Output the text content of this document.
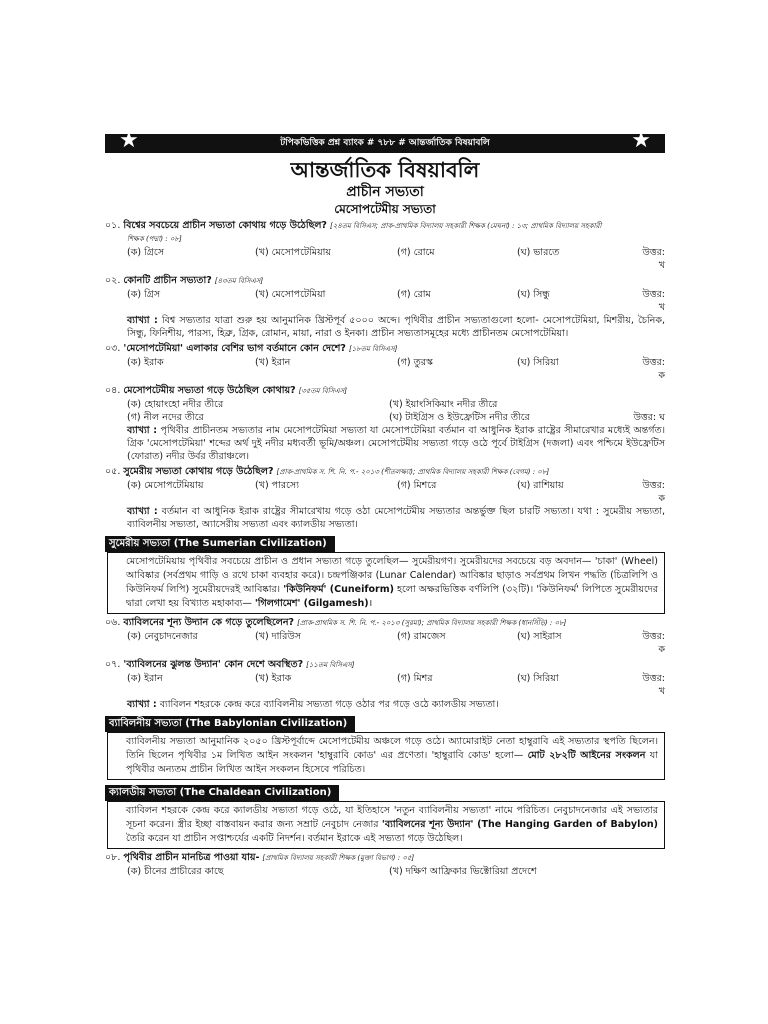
★	টপিকভিত্তিক প্রশ্ন ব্যাংক # ৭৮৮ # আন্তর্জাতিক বিষয়াবলি	★
আন্তর্জাতিক বিষয়াবলি
প্রাচীন সভ্যতা
মেসোপটেমীয় সভ্যতা
০১. বিশ্বের সবচেয়ে প্রাচীন সভ্যতা কোথায় গড়ে উঠেছিল? [২৪তম বিসিএস; প্রাক-প্রাথমিক বিদ্যালয় সহকারী শিক্ষক (মেঘনা) : ১৩; প্রাথমিক বিদ্যালয় সহকারী
শিক্ষক (পদ্মা) : ০৮]
(ক) গ্রিসে	(খ) মেসোপটেমিয়ায়	(গ) রোমে	(ঘ) ভারতে	উত্তর: খ
০২. কোনটি প্রাচীন সভ্যতা? [৪৩তম বিসিএস]
(ক) গ্রিস	(খ) মেসোপটেমিয়া	(গ) রোম	(ঘ) সিন্ধু	উত্তর: খ
ব্যাখ্যা : বিশ্ব সভ্যতার যাত্রা শুরু হয় আনুমানিক খ্রিস্টপূর্ব ৫০০০ অব্দে। পৃথিবীর প্রাচীন সভ্যতাগুলো হলো- মেসোপটেমিয়া, মিশরীয়, চৈনিক, সিন্ধু, ফিনিশীয়, পারস্য, হিব্রু, গ্রিক, রোমান, মায়া, নারা ও ইনকা। প্রাচীন সভ্যতাসমূহের মধ্যে প্রাচীনতম মেসোপটেমিয়া।
০৩. 'মেসোপটেমিয়া' এলাকার বেশির ভাগ বর্তমানে কোন দেশে? [১৮তম বিসিএস]
(ক) ইরাক	(খ) ইরান	(গ) তুরস্ক	(ঘ) সিরিয়া	উত্তর: ক
০৪. মেসোপটেমীয় সভ্যতা গড়ে উঠেছিল কোথায়? [৩৫তম বিসিএস]
(ক) হোয়াংহো নদীর তীরে	(খ) ইয়াংসিকিয়াং নদীর তীরে
(গ) নীল নদের তীরে	(ঘ) টাইগ্রিস ও ইউফ্রেটিস নদীর তীরে	উত্তর: ঘ
ব্যাখ্যা : পৃথিবীর প্রাচীনতম সভ্যতার নাম মেসোপটেমিয়া সভ্যতা যা মেসোপটেমিয়া বর্তমান বা আধুনিক ইরাক রাষ্ট্রের সীমারেখার মধ্যেই অন্তর্গত। গ্রিক 'মেসোপটেমিয়া' শব্দের অর্থ দুই নদীর মধ্যবর্তী ভূমি/অঞ্চল। মেসোপটেমীয় সভ্যতা গড়ে ওঠে পূর্বে টাইগ্রিস (দজলা) এবং পশ্চিমে ইউফ্রেটিস (ফোরাত) নদীর উর্বর তীরাঞ্চলে।
০৫. সুমেরীয় সভ্যতা কোথায় গড়ে উঠেছিল? [প্রাক-প্রাথমিক স. শি. নি. প.- ২০১৩ (শীতলক্ষ্যা); প্রাথমিক বিদ্যালয় সহকারী শিক্ষক (বেগম) : ০৮]
(ক) মেসোপটেমিয়ায়	(খ) পারস্যে	(গ) মিশরে	(ঘ) রাশিয়ায়	উত্তর: ক
ব্যাখ্যা : বর্তমান বা আধুনিক ইরাক রাষ্ট্রের সীমারেখায় গড়ে ওঠা মেসোপটেমীয় সভ্যতার অন্তর্ভুক্ত ছিল চারটি সভ্যতা। যথা : সুমেরীয় সভ্যতা, ব্যাবিলনীয় সভ্যতা, অ্যাসেরীয় সভ্যতা এবং ক্যালডীয় সভ্যতা।
সুমেরীয় সভ্যতা (The Sumerian Civilization)
মেসোপটেমিয়ায় পৃথিবীর সবচেয়ে প্রাচীন ও প্রধান সভ্যতা গড়ে তুলেছিল— সুমেরীয়গণ। সুমেরীয়দের সবচেয়ে বড় অবদান— 'চাকা' (Wheel) আবিষ্কার (সর্বপ্রথম গাড়ি ও রথে চাকা ব্যবহার করে)। চন্দ্রপঞ্জিকার (Lunar Calendar) আবিষ্কার ছাড়াও সর্বপ্রথম লিখন পদ্ধতি (চিত্রলিপি ও কিউনিফর্ম লিপি) সুমেরীয়দেরই আবিষ্কার। 'কিউনিফর্ম' (Cuneiform) হলো অক্ষরভিত্তিক বর্ণলিপি (৩২টি)। 'কিউনিফর্ম' লিপিতে সুমেরীয়দের দ্বারা লেখা হয় বিখ্যাত মহাকাব্য— 'গিলগামেশ' (Gilgamesh)।
০৬. ব্যাবিলনের শূন্য উদ্যান কে গড়ে তুলেছিলেন? [প্রাক-প্রাথমিক স. শি. নি. প.- ২০১৩ (সুরমা); প্রাথমিক বিদ্যালয় সহকারী শিক্ষক (ধানসিঁড়ি) : ০৮]
(ক) নেবুচাদনেজার	(খ) দারিউস	(গ) রামজেস	(ঘ) সাইরাস	উত্তর: ক
০৭. 'ব্যাবিলনের ঝুলন্ত উদ্যান' কোন দেশে অবস্থিত? [১১তম বিসিএস]
(ক) ইরান	(খ) ইরাক	(গ) মিশর	(ঘ) সিরিয়া	উত্তর: খ
ব্যাখ্যা : ব্যাবিলন শহরকে কেন্দ্র করে ব্যাবিলনীয় সভ্যতা গড়ে ওঠার পর গড়ে ওঠে ক্যালডীয় সভ্যতা।
ব্যাবিলনীয় সভ্যতা (The Babylonian Civilization)
ব্যাবিলনীয় সভ্যতা আনুমানিক ২০৫০ খ্রিস্টপূর্বাব্দে মেসোপটেমীয় অঞ্চলে গড়ে ওঠে। অ্যামোরাইট নেতা হাম্বুরাবি এই সভ্যতার স্থপতি ছিলেন। তিনি ছিলেন পৃথিবীর ১ম লিখিত আইন সংকলন 'হাম্বুরাবি কোড' এর প্রণেতা। 'হাম্বুরাবি কোড' হলো— মোট ২৮২টি আইনের সংকলন যা পৃথিবীর অন্যতম প্রাচীন লিখিত আইন সংকলন হিসেবে পরিচিত।
ক্যালডীয় সভ্যতা (The Chaldean Civilization)
ব্যাবিলন শহরকে কেন্দ্র করে ক্যালডীয় সভ্যতা গড়ে ওঠে, যা ইতিহাসে 'নতুন ব্যাবিলনীয় সভ্যতা' নামে পরিচিত। নেবুচাদনেজার এই সভ্যতার সূচনা করেন। স্ত্রীর ইচ্ছা বাস্তবায়ন করার জন্য সম্রাট নেবুচাদ নেজার 'ব্যাবিলনের শূন্য উদ্যান' (The Hanging Garden of Babylon) তৈরি করেন যা প্রাচীন সপ্তাশ্চর্যের একটি নিদর্শন। বর্তমান ইরাকে এই সভ্যতা গড়ে উঠেছিল।
০৮. পৃথিবীর প্রাচীন মানচিত্র পাওয়া যায়- [প্রাথমিক বিদ্যালয় সহকারী শিক্ষক (মুক্তা বিভাগ) : ০৫]
(ক) চীনের প্রাচীরের কাছে	(খ) দক্ষিণ আফ্রিকার ভিক্টোরিয়া প্রদেশে
